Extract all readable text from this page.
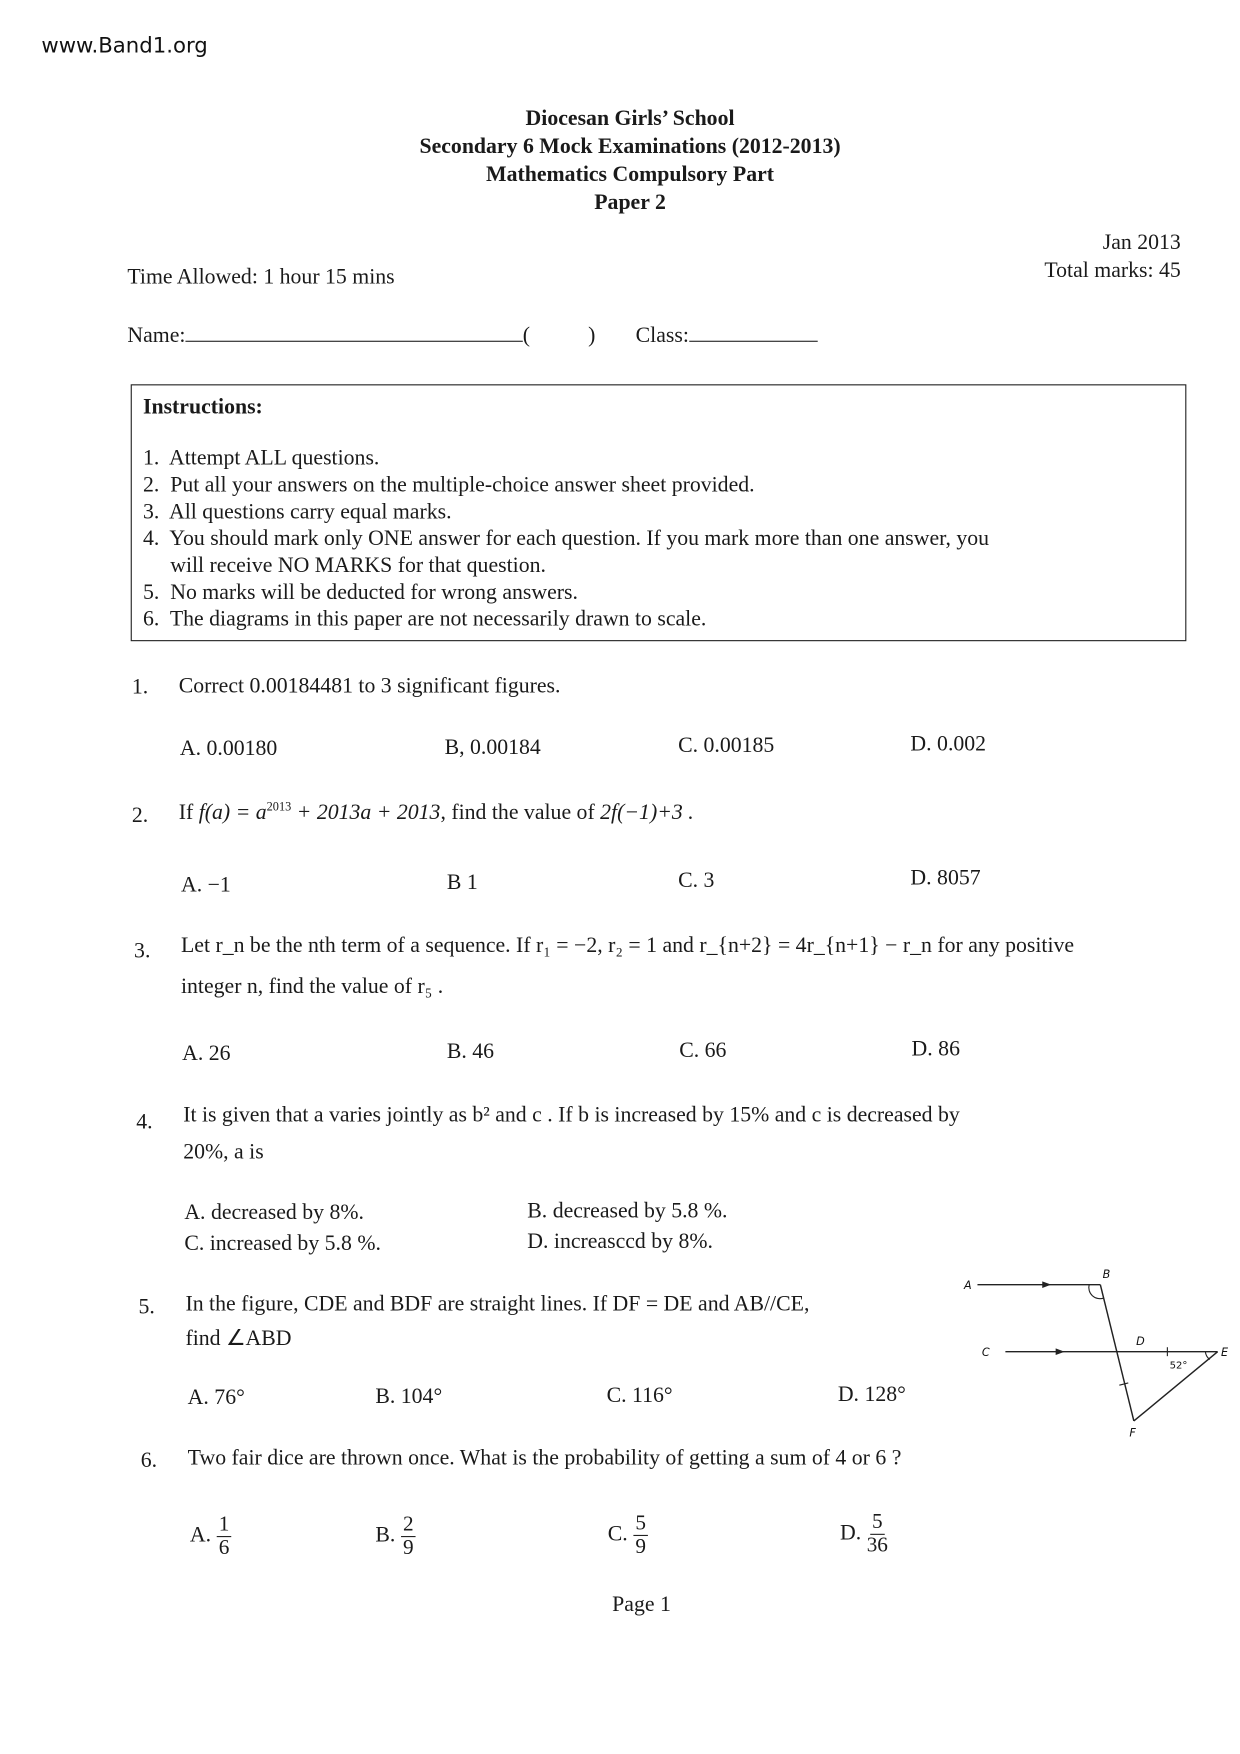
www.Band1.org
Diocesan Girls’ School
Secondary 6 Mock Examinations (2012-2013)
Mathematics Compulsory Part
Paper 2
Jan 2013
Total marks: 45
Time Allowed: 1 hour 15 mins
Name:	(	) Class:
Instructions:
1.  Attempt ALL questions.
2.  Put all your answers on the multiple-choice answer sheet provided.
3.  All questions carry equal marks.
4.  You should mark only ONE answer for each question. If you mark more than one answer, you
will receive NO MARKS for that question.
5.  No marks will be deducted for wrong answers.
6.  The diagrams in this paper are not necessarily drawn to scale.
1. Correct 0.00184481 to 3 significant figures.
A. 0.00180	B, 0.00184	C. 0.00185	D. 0.002
2. If $f(a) = a^{2013} + 2013a + 2013$, find the value of 2f(−1)+3 .
A. −1	B 1	C. 3	D. 8057
3. Let r_n be the nth term of a sequence. If r₁ = −2, r₂ = 1 and r_{n+2} = 4r_{n+1} − r_n for any positive
integer n, find the value of r₅ .
A. 26	B. 46	C. 66	D. 86
4. It is given that a varies jointly as b² and c . If b is increased by 15% and c is decreased by
20%, a is
A. decreased by 8%.	B. decreased by 5.8 %.
C. increased by 5.8 %.	D. increasccd by 8%.
5. In the figure, CDE and BDF are straight lines. If DF = DE and AB//CE,
find ∠ABD
A. 76°	B. 104°	C. 116°	D. 128°
A
B
C
D
E
F
52°
6. Two fair dice are thrown once. What is the probability of getting a sum of 4 or 6 ?
A. $\frac{1}{6}$	B. $\frac{2}{9}$	C. $\frac{5}{9}$	D. $\frac{5}{36}$
Page 1
